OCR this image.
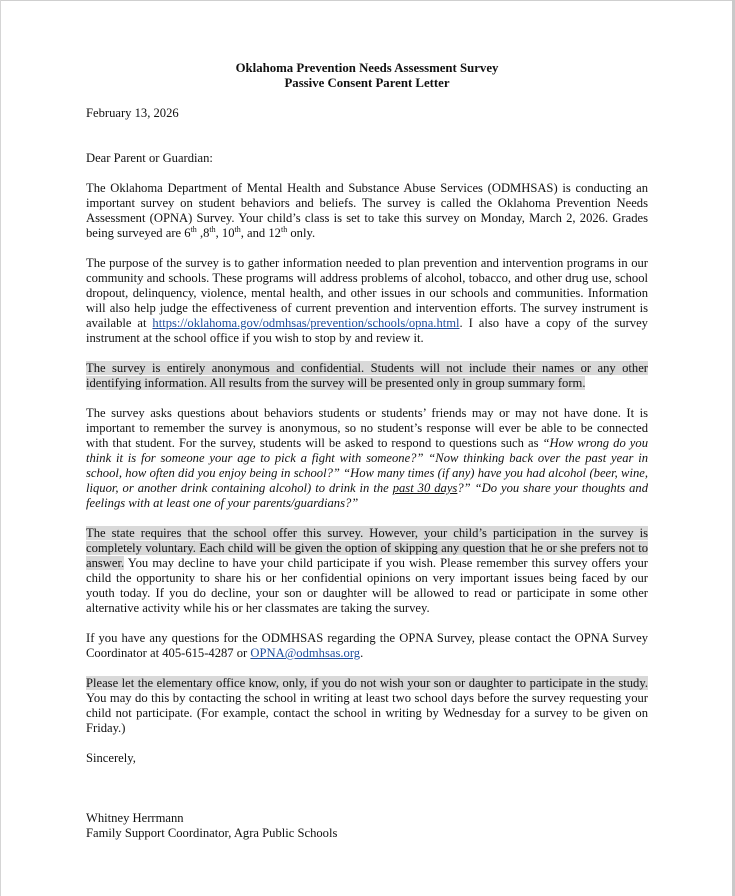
Oklahoma Prevention Needs Assessment Survey
Passive Consent Parent Letter

February 13, 2026

Dear Parent or Guardian:

The Oklahoma Department of Mental Health and Substance Abuse Services (ODMHSAS) is conducting an important survey on student behaviors and beliefs. The survey is called the Oklahoma Prevention Needs Assessment (OPNA) Survey. Your child’s class is set to take this survey on Monday, March 2, 2026. Grades being surveyed are 6th ,8th, 10th, and 12th only.

The purpose of the survey is to gather information needed to plan prevention and intervention programs in our community and schools. These programs will address problems of alcohol, tobacco, and other drug use, school dropout, delinquency, violence, mental health, and other issues in our schools and communities. Information will also help judge the effectiveness of current prevention and intervention efforts. The survey instrument is available at https://oklahoma.gov/odmhsas/prevention/schools/opna.html. I also have a copy of the survey instrument at the school office if you wish to stop by and review it.

The survey is entirely anonymous and confidential. Students will not include their names or any other identifying information. All results from the survey will be presented only in group summary form.

The survey asks questions about behaviors students or students’ friends may or may not have done. It is important to remember the survey is anonymous, so no student’s response will ever be able to be connected with that student. For the survey, students will be asked to respond to questions such as “How wrong do you think it is for someone your age to pick a fight with someone?” “Now thinking back over the past year in school, how often did you enjoy being in school?” “How many times (if any) have you had alcohol (beer, wine, liquor, or another drink containing alcohol) to drink in the past 30 days?” “Do you share your thoughts and feelings with at least one of your parents/guardians?”

The state requires that the school offer this survey. However, your child’s participation in the survey is completely voluntary. Each child will be given the option of skipping any question that he or she prefers not to answer. You may decline to have your child participate if you wish. Please remember this survey offers your child the opportunity to share his or her confidential opinions on very important issues being faced by our youth today. If you do decline, your son or daughter will be allowed to read or participate in some other alternative activity while his or her classmates are taking the survey.

If you have any questions for the ODMHSAS regarding the OPNA Survey, please contact the OPNA Survey Coordinator at 405-615-4287 or OPNA@odmhsas.org.

Please let the elementary office know, only, if you do not wish your son or daughter to participate in the study. You may do this by contacting the school in writing at least two school days before the survey requesting your child not participate. (For example, contact the school in writing by Wednesday for a survey to be given on Friday.)

Sincerely,

Whitney Herrmann

Family Support Coordinator, Agra Public Schools
